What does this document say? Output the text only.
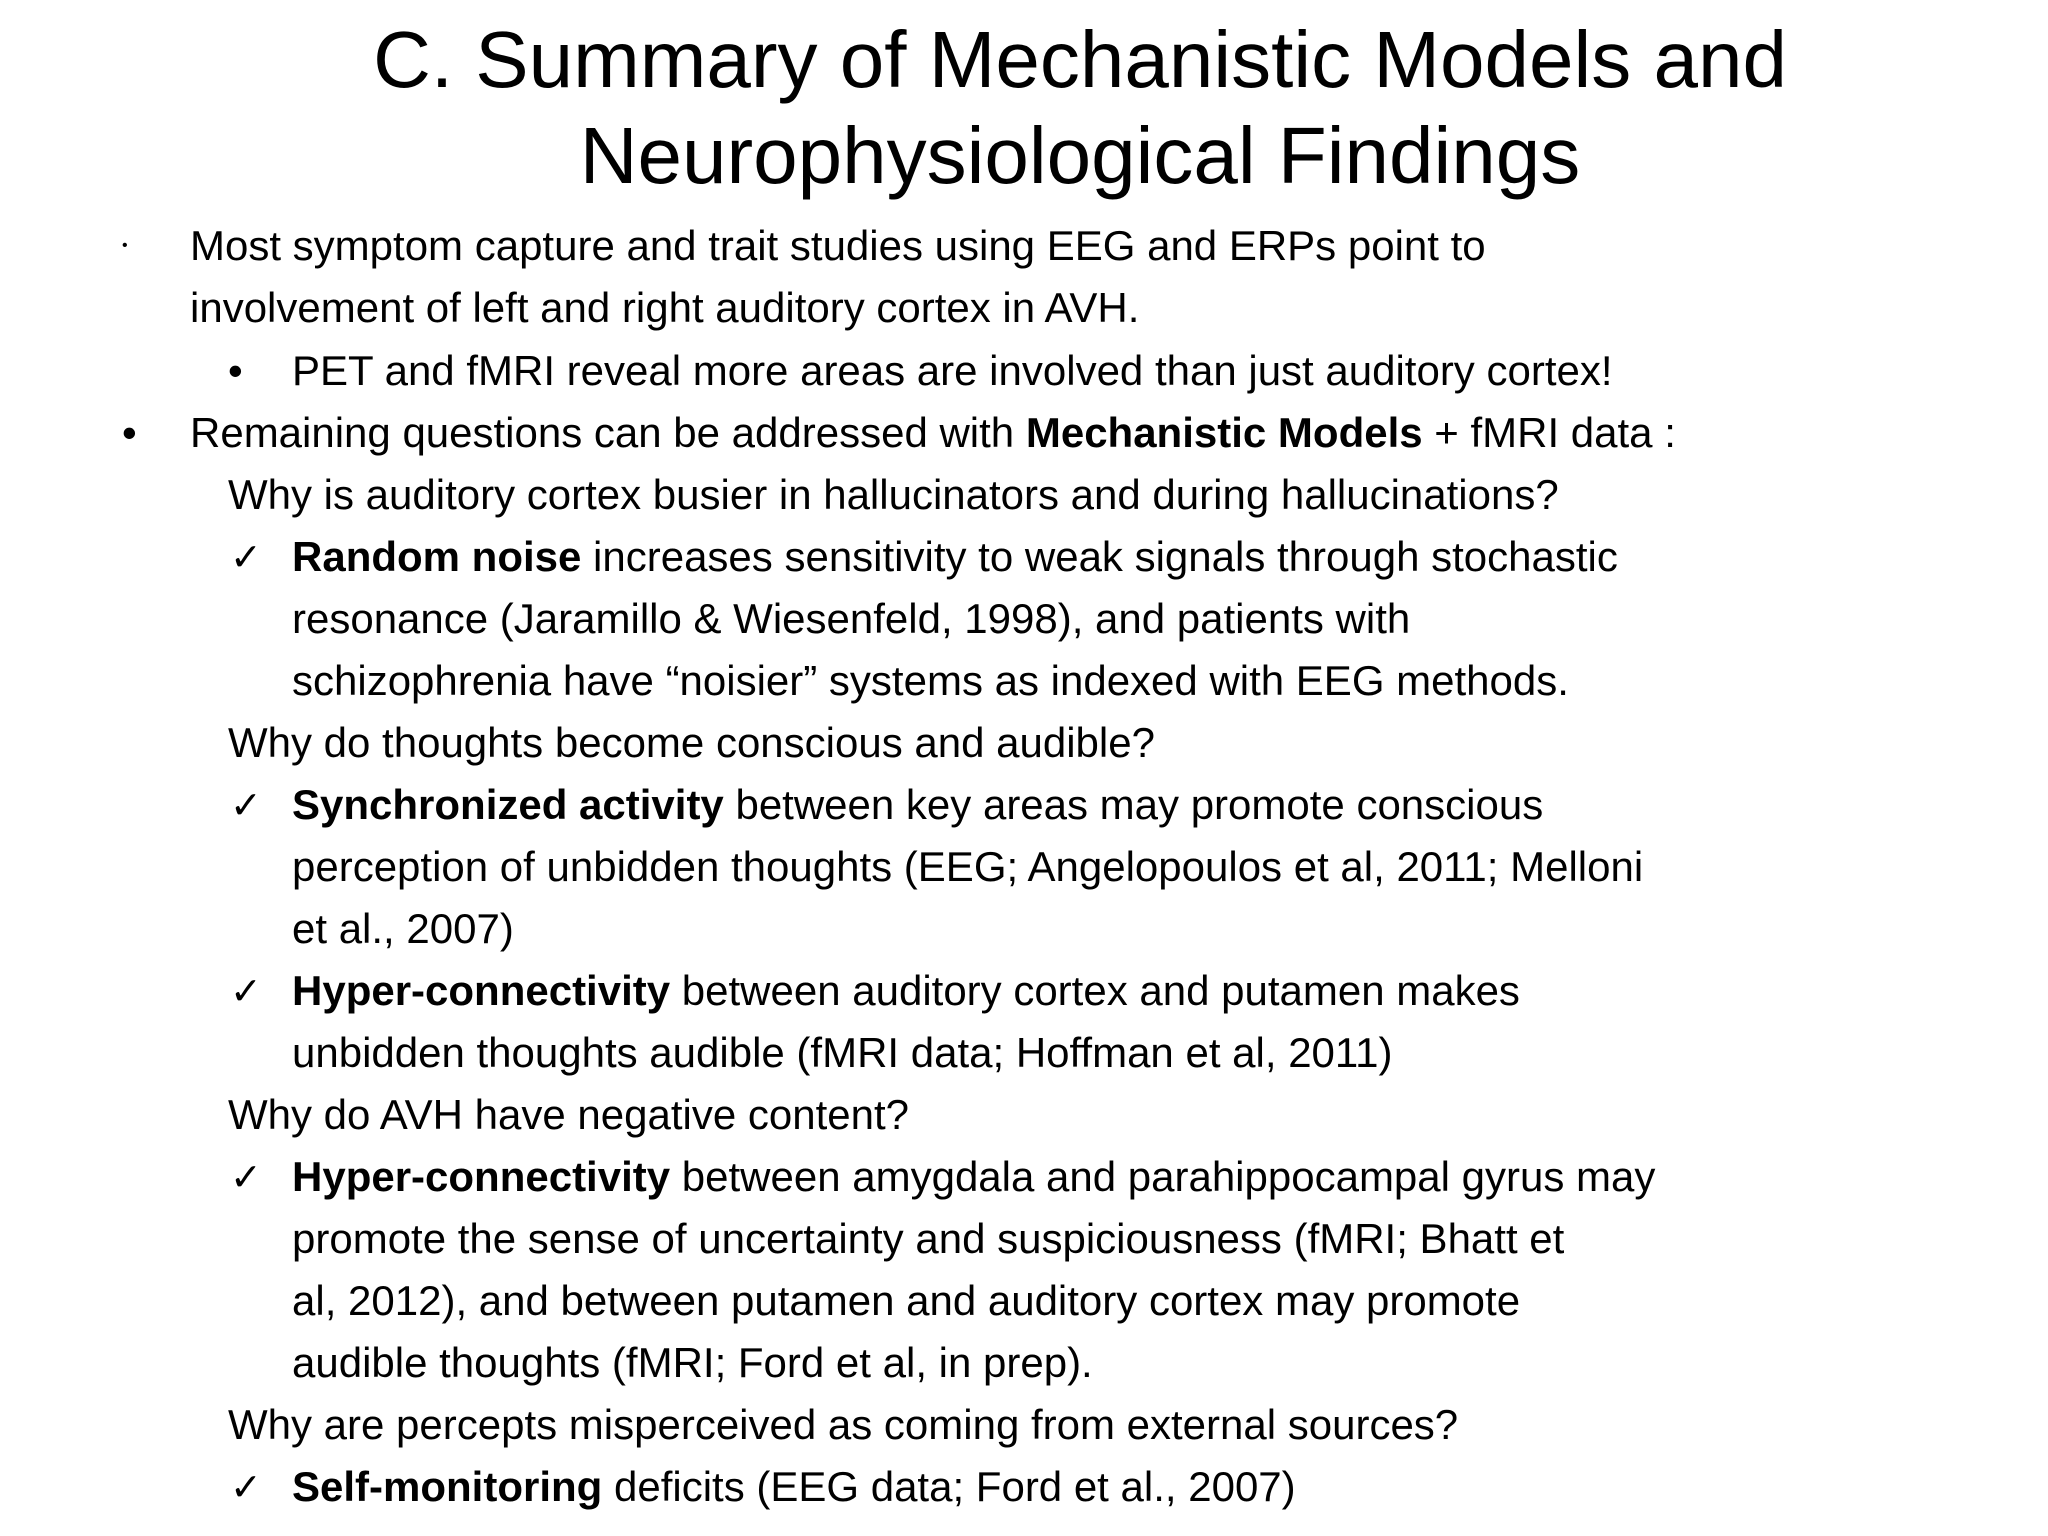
C. Summary of Mechanistic Models and
Neurophysiological Findings
• Most symptom capture and trait studies using EEG and ERPs point to
involvement of left and right auditory cortex in AVH.
• PET and fMRI reveal more areas are involved than just auditory cortex!
• Remaining questions can be addressed with Mechanistic Models + fMRI data :
Why is auditory cortex busier in hallucinators and during hallucinations?
✓ Random noise increases sensitivity to weak signals through stochastic
resonance (Jaramillo & Wiesenfeld, 1998), and patients with
schizophrenia have “noisier” systems as indexed with EEG methods.
Why do thoughts become conscious and audible?
✓ Synchronized activity between key areas may promote conscious
perception of unbidden thoughts (EEG; Angelopoulos et al, 2011; Melloni
et al., 2007)
✓ Hyper-connectivity between auditory cortex and putamen makes
unbidden thoughts audible (fMRI data; Hoffman et al, 2011)
Why do AVH have negative content?
✓ Hyper-connectivity between amygdala and parahippocampal gyrus may
promote the sense of uncertainty and suspiciousness (fMRI; Bhatt et
al, 2012), and between putamen and auditory cortex may promote
audible thoughts (fMRI; Ford et al, in prep).
Why are percepts misperceived as coming from external sources?
✓ Self-monitoring deficits (EEG data; Ford et al., 2007)
